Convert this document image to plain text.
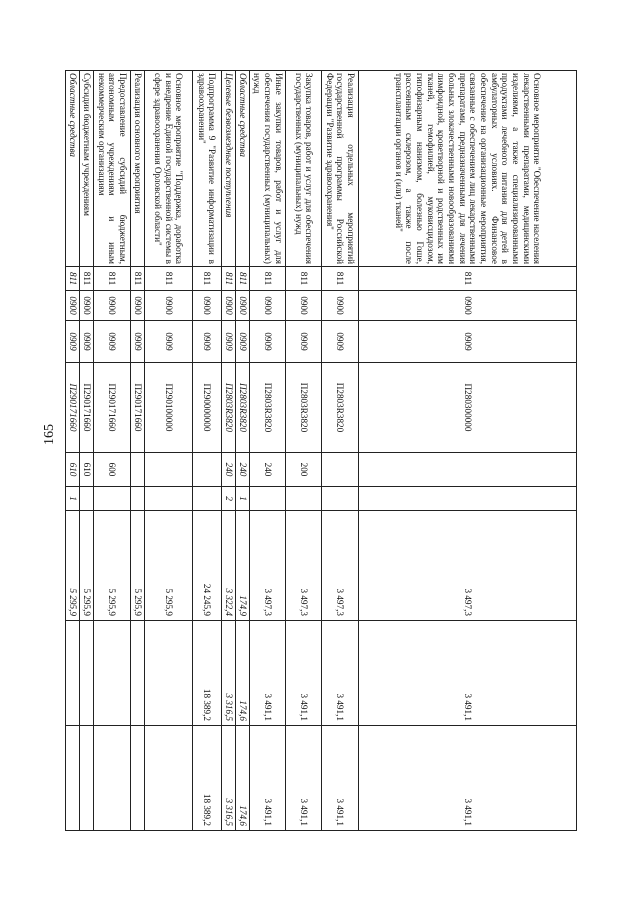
165
Основное мероприятие "Обеспечение населения лекарственными препаратами, медицинскими изделиями, а также специализированными продуктами лечебного питания для детей в амбулаторных условиях. Финансовое обеспечение на организационные мероприятия, связанные с обеспечением лиц лекарственными препаратами, предназначенными для лечения больных злокачественными новообразованиями лимфоидной, кроветворной и родственных им тканей, гемофилией, муковисцидозом, гипофизарным нанизмом, болезнью Гоше, рассеянным склерозом, а также после трансплантации органов и (или) тканей"	811	0900	0909	П280300000			3 497,3	3 491,1	3 491,1
Реализация отдельных мероприятий государственной программы Российской Федерации "Развитие здравоохранения"	811	0900	0909	П2803R3820			3 497,3	3 491,1	3 491,1
Закупка товаров, работ и услуг для обеспечения государственных (муниципальных) нужд	811	0900	0909	П2803R3820	200		3 497,3	3 491,1	3 491,1
Иные закупки товаров, работ и услуг для обеспечения государственных (муниципальных) нужд	811	0900	0909	П2803R3820	240		3 497,3	3 491,1	3 491,1
Областные средства	811	0900	0909	П2803R3820	240	1	174,9	174,6	174,6
Целевые безвозмездные поступления	811	0900	0909	П2803R3820	240	2	3 322,4	3 316,5	3 316,5
Подпрограмма 9 "Развитие информатизации в здравоохранении"	811	0900	0909	П290000000			24 245,9	18 389,2	18 389,2
Основное мероприятие "Поддержка, доработка и внедрение Единой государственной системы в сфере здравоохранения Орловской области"	811	0900	0909	П290100000			5 295,9		
Реализация основного мероприятия	811	0900	0909	П290171660			5 295,9		
Предоставление субсидий бюджетным, автономным учреждениям и иным некоммерческим организациям	811	0900	0909	П290171660	600		5 295,9		
Субсидии бюджетным учреждениям	811	0900	0909	П290171660	610		5 295,9		
Областные средства	811	0900	0909	П290171660	610	1	5 295,9		
